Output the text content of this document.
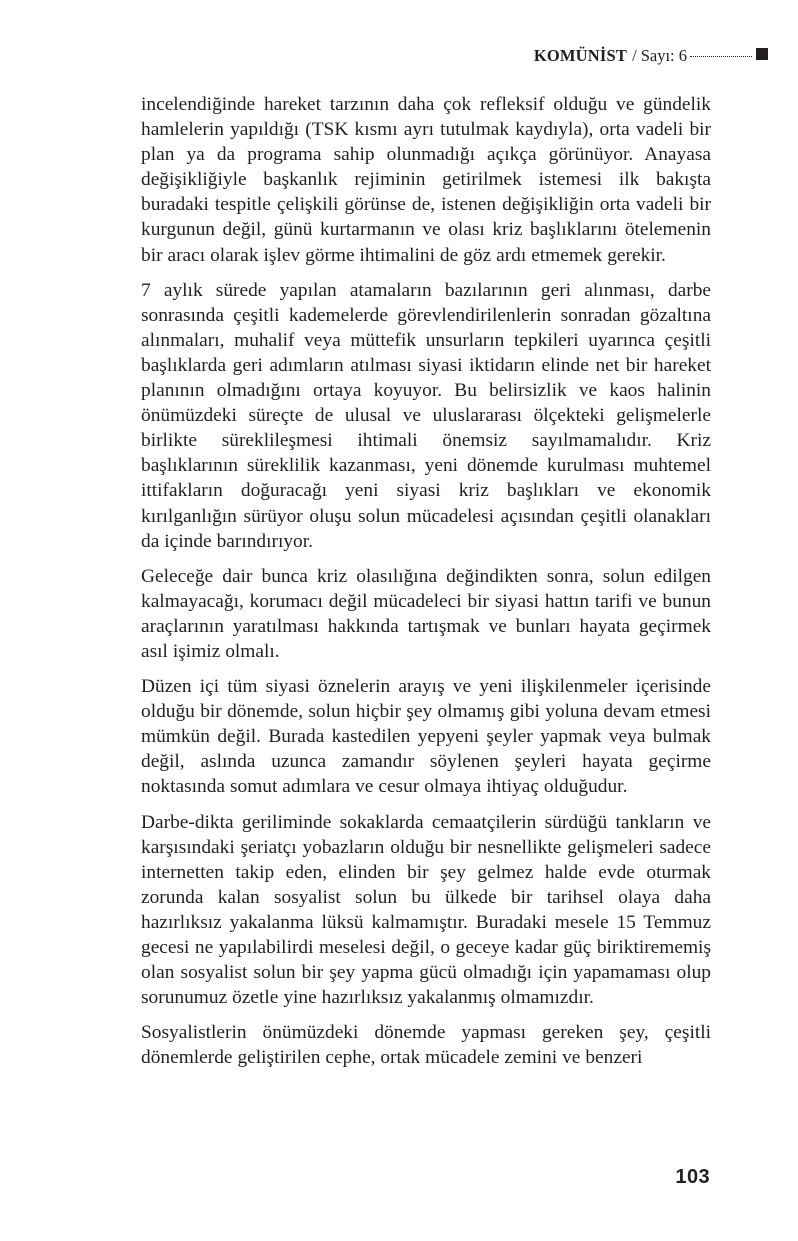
KOMÜNİST / Sayı: 6

incelendiğinde hareket tarzının daha çok refleksif olduğu ve gündelik hamlelerin yapıldığı (TSK kısmı ayrı tutulmak kaydıyla), orta vadeli bir plan ya da programa sahip olunmadığı açıkça görünüyor. Anayasa değişikliğiyle başkanlık rejiminin getirilmek istemesi ilk bakışta buradaki tespitle çelişkili görünse de, istenen değişikliğin orta vadeli bir kurgunun değil, günü kurtarmanın ve olası kriz başlıklarını ötelemenin bir aracı olarak işlev görme ihtimalini de göz ardı etmemek gerekir.

7 aylık sürede yapılan atamaların bazılarının geri alınması, darbe sonrasında çeşitli kademelerde görevlendirilenlerin sonradan gözaltına alınmaları, muhalif veya müttefik unsurların tepkileri uyarınca çeşitli başlıklarda geri adımların atılması siyasi iktidarın elinde net bir hareket planının olmadığını ortaya koyuyor. Bu belirsizlik ve kaos halinin önümüzdeki süreçte de ulusal ve uluslararası ölçekteki gelişmelerle birlikte süreklileşmesi ihtimali önemsiz sayılmamalıdır. Kriz başlıklarının süreklilik kazanması, yeni dönemde kurulması muhtemel ittifakların doğuracağı yeni siyasi kriz başlıkları ve ekonomik kırılganlığın sürüyor oluşu solun mücadelesi açısından çeşitli olanakları da içinde barındırıyor.

Geleceğe dair bunca kriz olasılığına değindikten sonra, solun edilgen kalmayacağı, korumacı değil mücadeleci bir siyasi hattın tarifi ve bunun araçlarının yaratılması hakkında tartışmak ve bunları hayata geçirmek asıl işimiz olmalı.

Düzen içi tüm siyasi öznelerin arayış ve yeni ilişkilenmeler içerisinde olduğu bir dönemde, solun hiçbir şey olmamış gibi yoluna devam etmesi mümkün değil. Burada kastedilen yepyeni şeyler yapmak veya bulmak değil, aslında uzunca zamandır söylenen şeyleri hayata geçirme noktasında somut adımlara ve cesur olmaya ihtiyaç olduğudur.

Darbe-dikta geriliminde sokaklarda cemaatçilerin sürdüğü tankların ve karşısındaki şeriatçı yobazların olduğu bir nesnellikte gelişmeleri sadece internetten takip eden, elinden bir şey gelmez halde evde oturmak zorunda kalan sosyalist solun bu ülkede bir tarihsel olaya daha hazırlıksız yakalanma lüksü kalmamıştır. Buradaki mesele 15 Temmuz gecesi ne yapılabilirdi meselesi değil, o geceye kadar güç biriktirememiş olan sosyalist solun bir şey yapma gücü olmadığı için yapamaması olup sorunumuz özetle yine hazırlıksız yakalanmış olmamızdır.

Sosyalistlerin önümüzdeki dönemde yapması gereken şey, çeşitli dönemlerde geliştirilen cephe, ortak mücadele zemini ve benzeri

103
